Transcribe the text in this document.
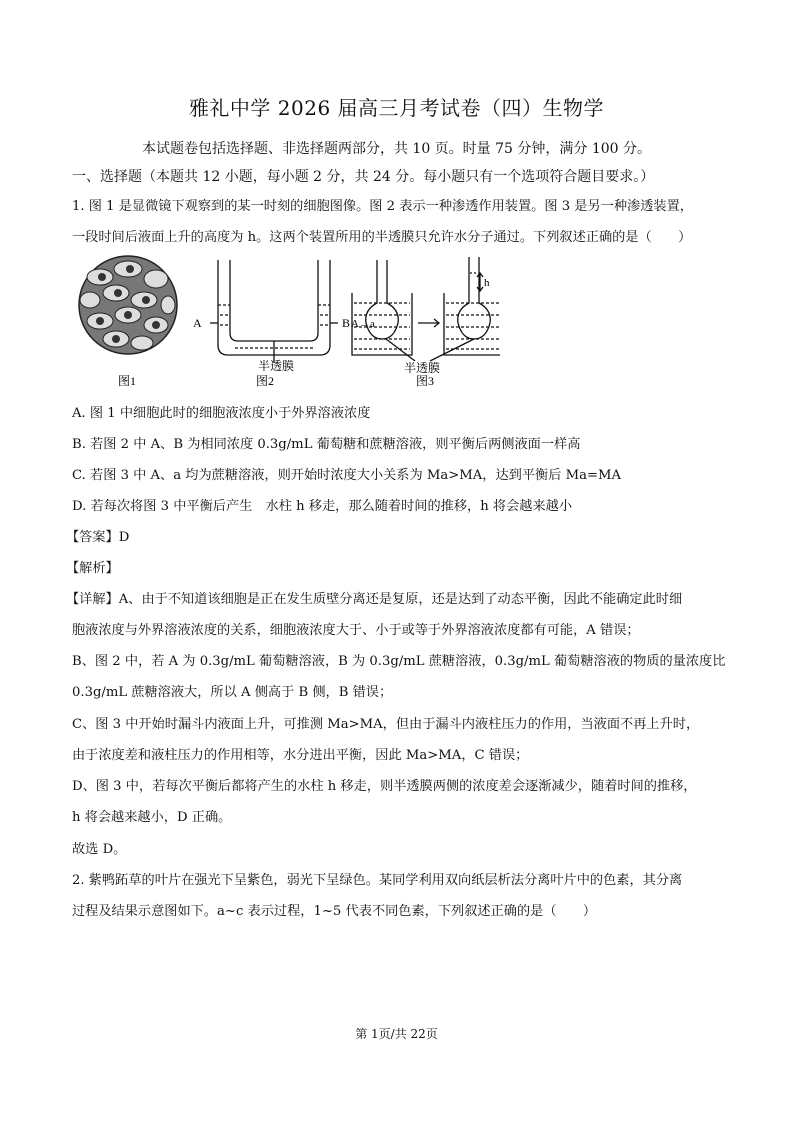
雅礼中学 2026 届高三月考试卷（四）生物学
本试题卷包括选择题、非选择题两部分，共 10 页。时量 75 分钟，满分 100 分。
一、选择题（本题共 12 小题，每小题 2 分，共 24 分。每小题只有一个选项符合题目要求。）
1. 图 1 是显微镜下观察到的某一时刻的细胞图像。图 2 表示一种渗透作用装置。图 3 是另一种渗透装置，
一段时间后液面上升的高度为 h。这两个装置所用的半透膜只允许水分子通过。下列叙述正确的是（　　）
A	B
半透膜
A→a
h
半透膜
图1	图2	图3
A. 图 1 中细胞此时的细胞液浓度小于外界溶液浓度
B. 若图 2 中 A、B 为相同浓度 0.3g/mL 葡萄糖和蔗糖溶液，则平衡后两侧液面一样高
C. 若图 3 中 A、a 均为蔗糖溶液，则开始时浓度大小关系为 Ma>MA，达到平衡后 Ma=MA
D. 若每次将图 3 中平衡后产生　水柱 h 移走，那么随着时间的推移，h 将会越来越小
【答案】D
【解析】
【详解】A、由于不知道该细胞是正在发生质壁分离还是复原，还是达到了动态平衡，因此不能确定此时细
胞液浓度与外界溶液浓度的关系，细胞液浓度大于、小于或等于外界溶液浓度都有可能，A 错误；
B、图 2 中，若 A 为 0.3g/mL 葡萄糖溶液，B 为 0.3g/mL 蔗糖溶液，0.3g/mL 葡萄糖溶液的物质的量浓度比
0.3g/mL 蔗糖溶液大，所以 A 侧高于 B 侧，B 错误；
C、图 3 中开始时漏斗内液面上升，可推测 Ma>MA，但由于漏斗内液柱压力的作用，当液面不再上升时，
由于浓度差和液柱压力的作用相等，水分进出平衡，因此 Ma>MA，C 错误；
D、图 3 中，若每次平衡后都将产生的水柱 h 移走，则半透膜两侧的浓度差会逐渐减少，随着时间的推移，
h 将会越来越小，D 正确。
故选 D。
2. 紫鸭跖草的叶片在强光下呈紫色，弱光下呈绿色。某同学利用双向纸层析法分离叶片中的色素，其分离
过程及结果示意图如下。a~c 表示过程，1~5 代表不同色素，下列叙述正确的是（　　）
第 1页/共 22页
